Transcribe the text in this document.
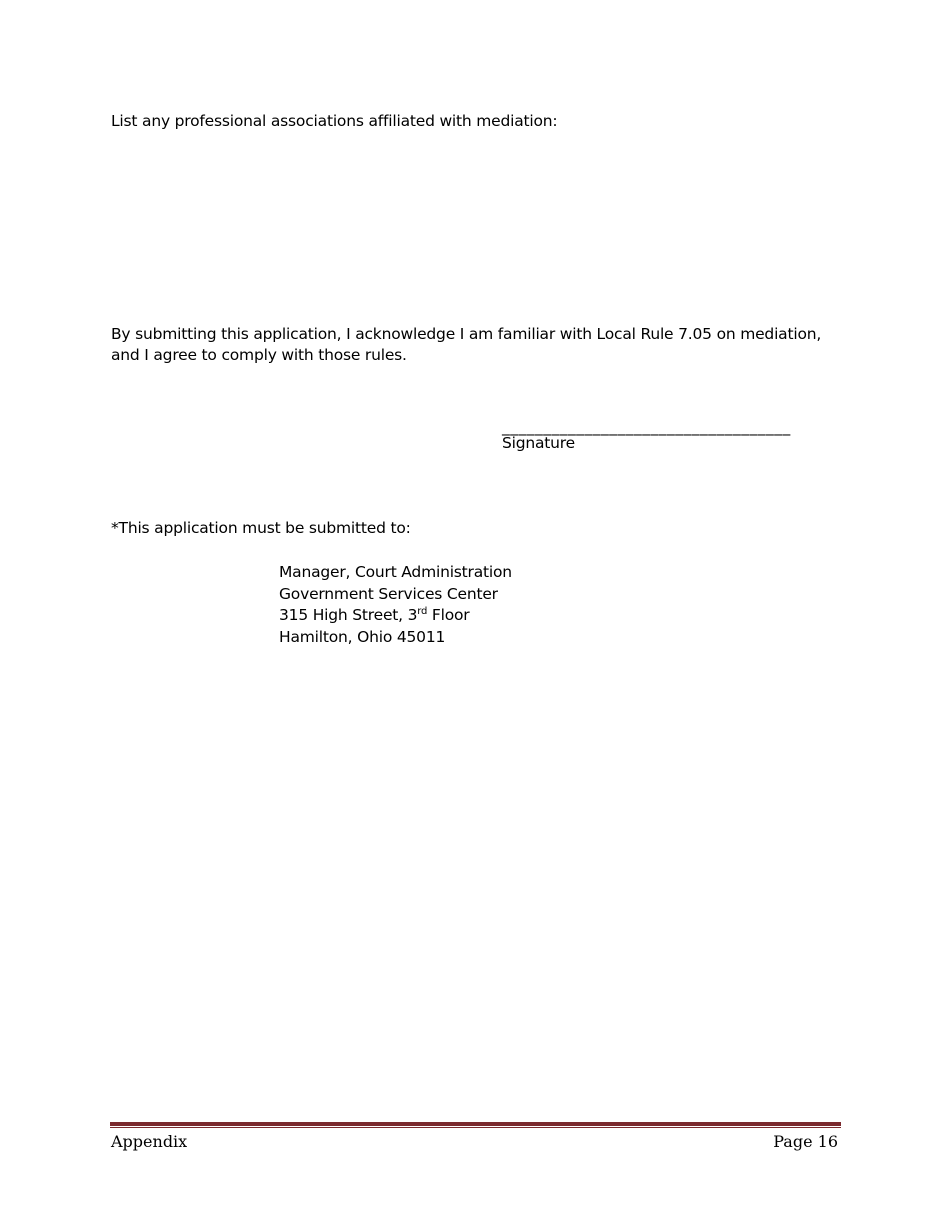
List any professional associations affiliated with mediation:

By submitting this application, I acknowledge I am familiar with Local Rule 7.05 on mediation,
and I agree to comply with those rules.
___________________________________

Signature

*This application must be submitted to:

Manager, Court Administration
Government Services Center
315 High Street, 3rd Floor
Hamilton, Ohio 45011
Appendix	Page 16
